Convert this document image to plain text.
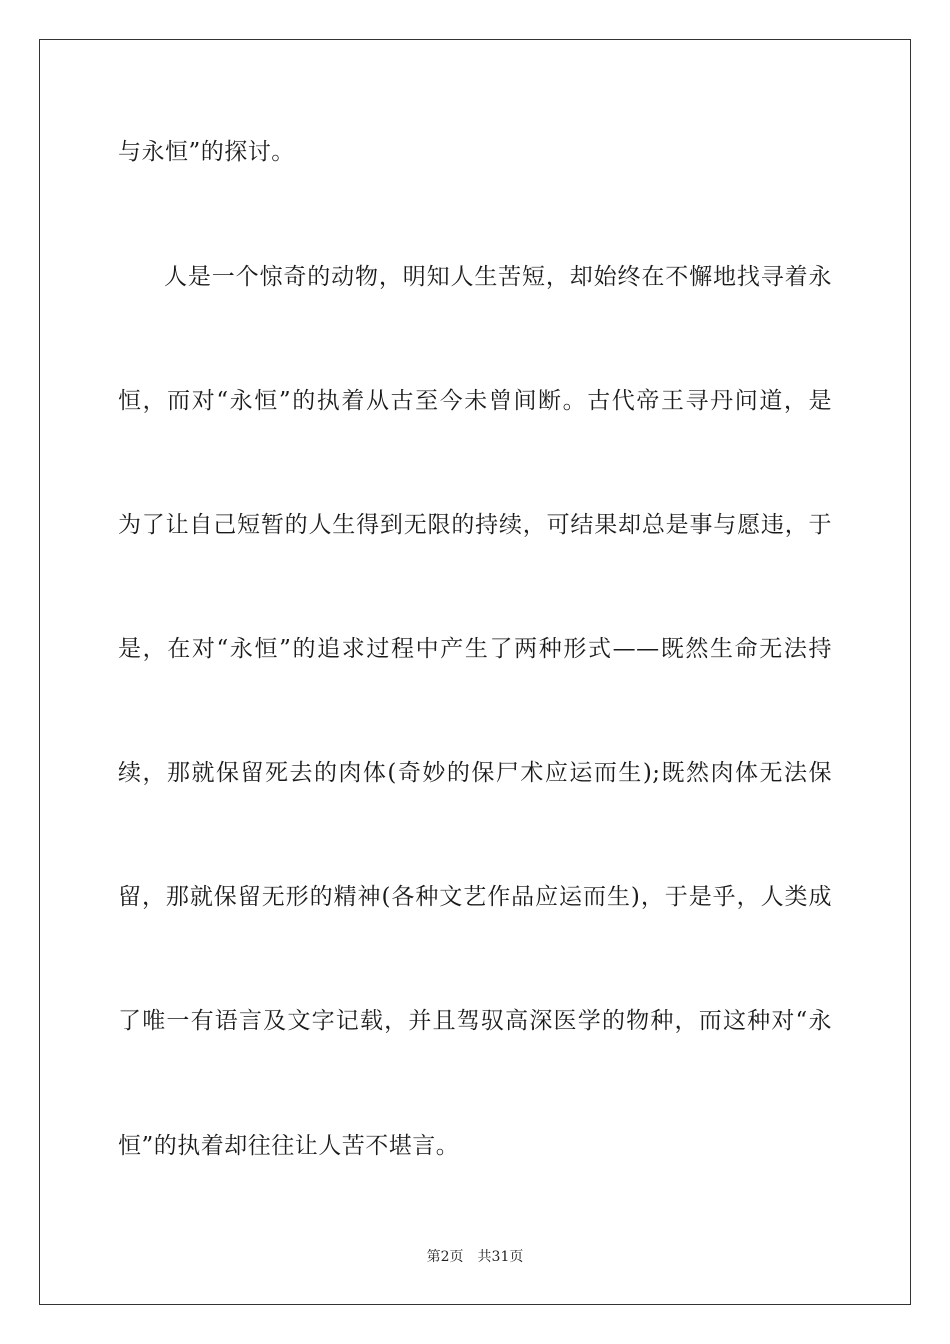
与永恒”的探讨。

人是一个惊奇的动物，明知人生苦短，却始终在不懈地找寻着永

恒，而对“永恒”的执着从古至今未曾间断。古代帝王寻丹问道，是

为了让自己短暂的人生得到无限的持续，可结果却总是事与愿违，于

是，在对“永恒”的追求过程中产生了两种形式——既然生命无法持

续，那就保留死去的肉体(奇妙的保尸术应运而生);既然肉体无法保

留，那就保留无形的精神(各种文艺作品应运而生)，于是乎，人类成

了唯一有语言及文字记载，并且驾驭高深医学的物种，而这种对“永

恒”的执着却往往让人苦不堪言。

第2页 共31页
